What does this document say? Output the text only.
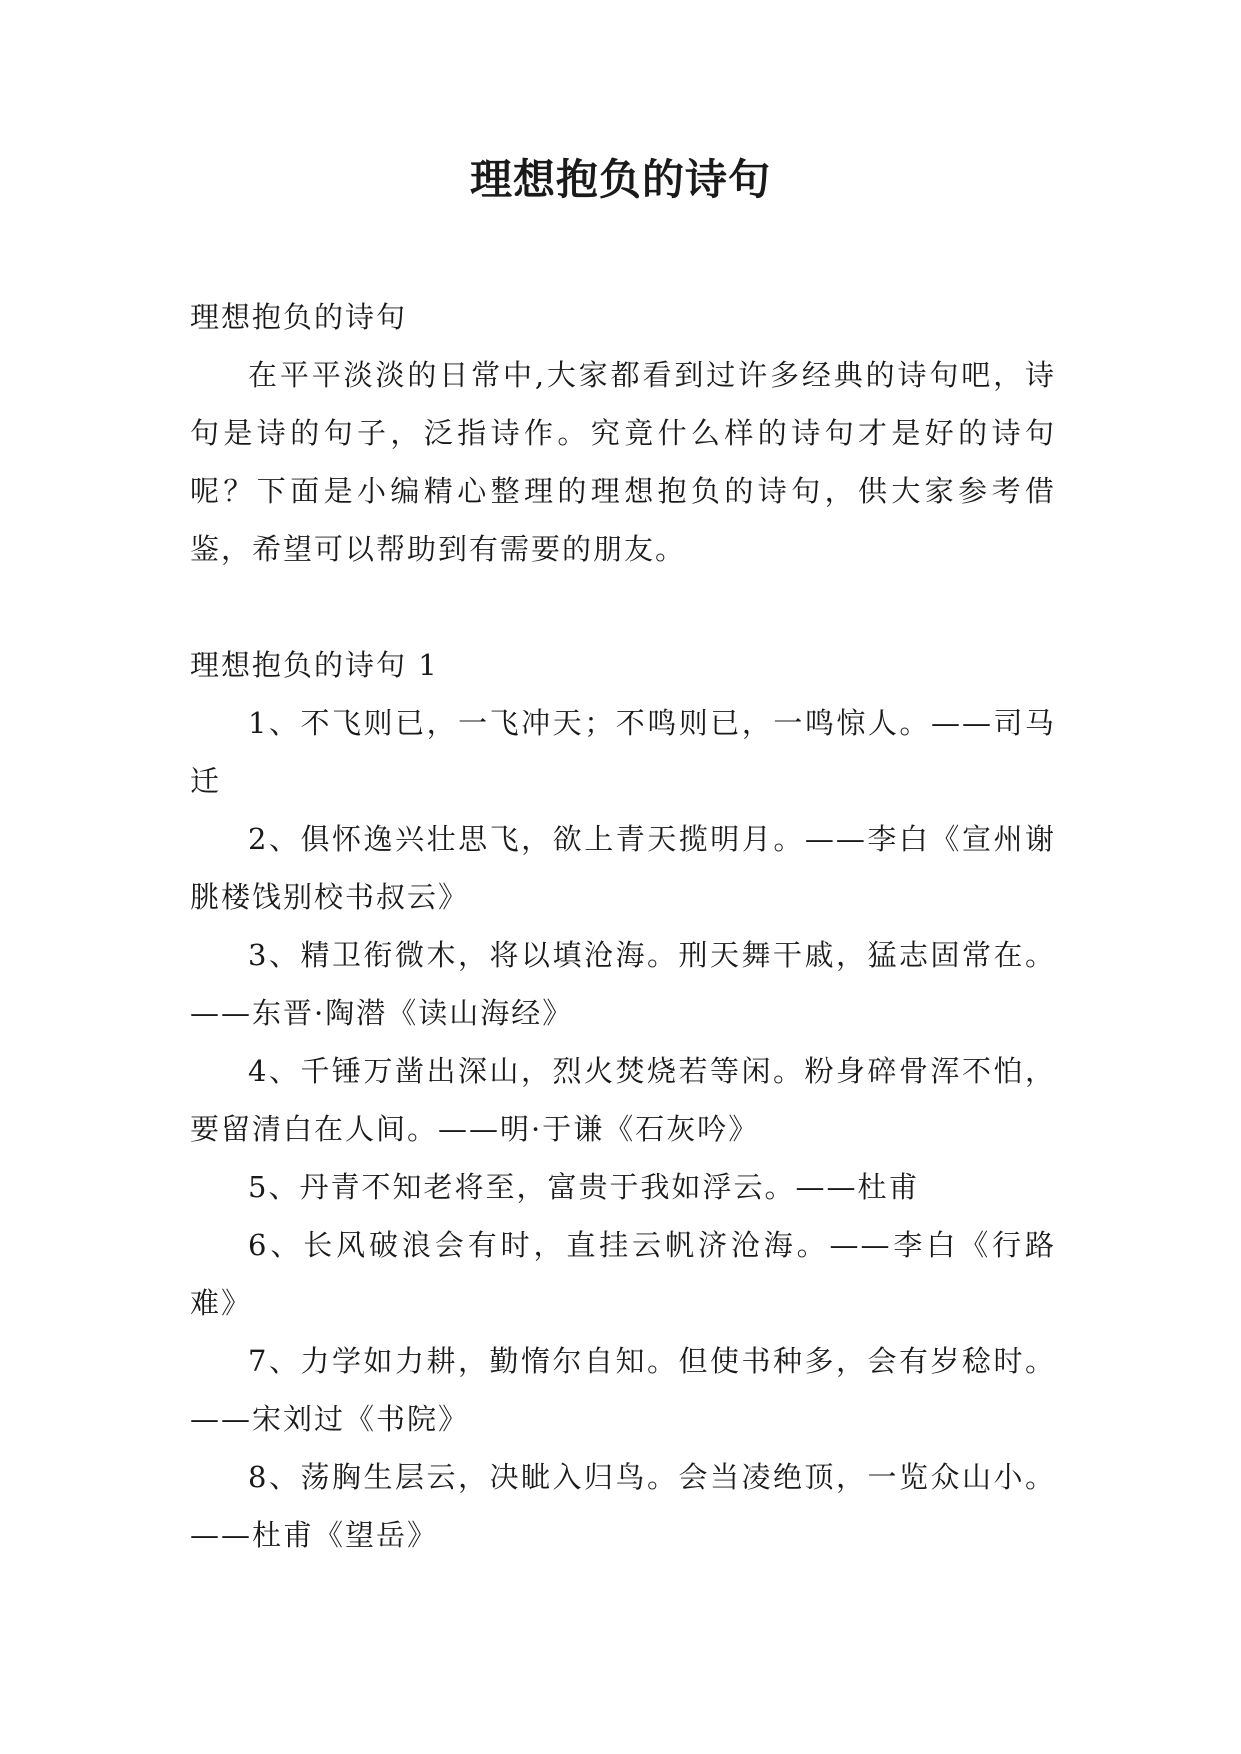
理想抱负的诗句

理想抱负的诗句

在平平淡淡的日常中,大家都看到过许多经典的诗句吧，诗句是诗的句子，泛指诗作。究竟什么样的诗句才是好的诗句呢？下面是小编精心整理的理想抱负的诗句，供大家参考借鉴，希望可以帮助到有需要的朋友。

理想抱负的诗句 1

1、不飞则已，一飞冲天；不鸣则已，一鸣惊人。——司马迁

2、俱怀逸兴壮思飞，欲上青天揽明月。——李白《宣州谢朓楼饯别校书叔云》

3、精卫衔微木，将以填沧海。刑天舞干戚，猛志固常在。——东晋·陶潜《读山海经》

4、千锤万凿出深山，烈火焚烧若等闲。粉身碎骨浑不怕，要留清白在人间。——明·于谦《石灰吟》

5、丹青不知老将至，富贵于我如浮云。——杜甫

6、长风破浪会有时，直挂云帆济沧海。——李白《行路难》

7、力学如力耕，勤惰尔自知。但使书种多，会有岁稔时。——宋刘过《书院》

8、荡胸生层云，决眦入归鸟。会当凌绝顶，一览众山小。——杜甫《望岳》
